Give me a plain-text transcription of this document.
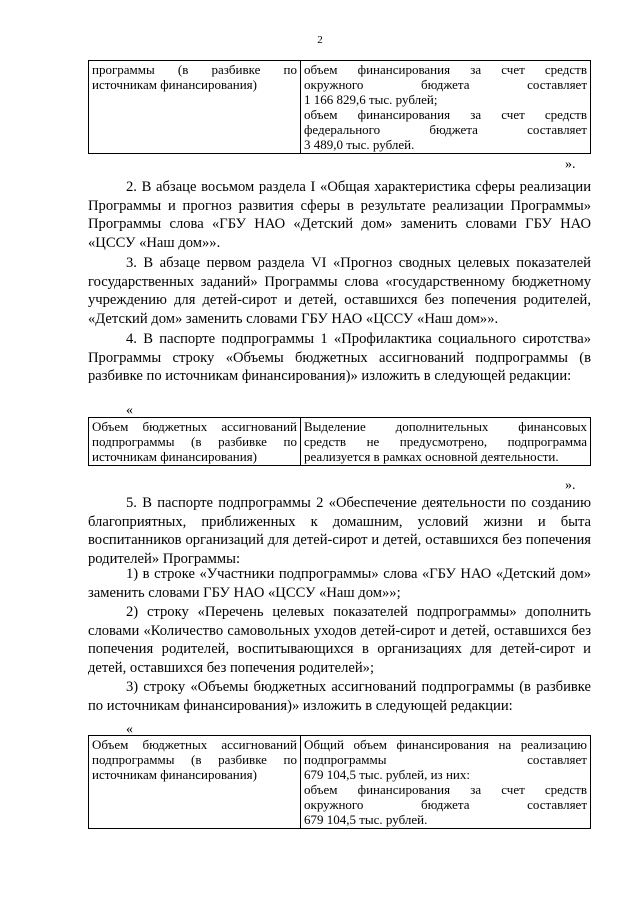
2
программы (в разбивке по
источникам финансирования)

объем финансирования за счет средств
окружного бюджета составляет
1 166 829,6 тыс. рублей;
объем финансирования за счет средств
федерального бюджета составляет
3 489,0 тыс. рублей.
».
2. В абзаце восьмом раздела I «Общая характеристика сферы реализации Программы и прогноз развития сферы в результате реализации Программы» Программы слова «ГБУ НАО «Детский дом» заменить словами ГБУ НАО «ЦССУ «Наш дом»».
3. В абзаце первом раздела VI «Прогноз сводных целевых показателей государственных заданий» Программы слова «государственному бюджетному учреждению для детей-сирот и детей, оставшихся без попечения родителей, «Детский дом» заменить словами ГБУ НАО «ЦССУ «Наш дом»».
4. В паспорте подпрограммы 1 «Профилактика социального сиротства» Программы строку «Объемы бюджетных ассигнований подпрограммы (в разбивке по источникам финансирования)» изложить в следующей редакции:
«
Объем бюджетных ассигнований
подпрограммы (в разбивке по
источникам финансирования)

Выделение дополнительных финансовых
средств не предусмотрено, подпрограмма
реализуется в рамках основной деятельности.
».
5. В паспорте подпрограммы 2 «Обеспечение деятельности по созданию благоприятных, приближенных к домашним, условий жизни и быта воспитанников организаций для детей-сирот и детей, оставшихся без попечения родителей» Программы:
1) в строке «Участники подпрограммы» слова «ГБУ НАО «Детский дом» заменить словами ГБУ НАО «ЦССУ «Наш дом»»;
2) строку «Перечень целевых показателей подпрограммы» дополнить словами «Количество самовольных уходов детей-сирот и детей, оставшихся без попечения родителей, воспитывающихся в организациях для детей-сирот и детей, оставшихся без попечения родителей»;
3) строку «Объемы бюджетных ассигнований подпрограммы (в разбивке по источникам финансирования)» изложить в следующей редакции:
«
Объем бюджетных ассигнований
подпрограммы (в разбивке по
источникам финансирования)

Общий объем финансирования на реализацию
подпрограммы составляет
679 104,5 тыс. рублей, из них:
объем финансирования за счет средств
окружного бюджета составляет
679 104,5 тыс. рублей.
